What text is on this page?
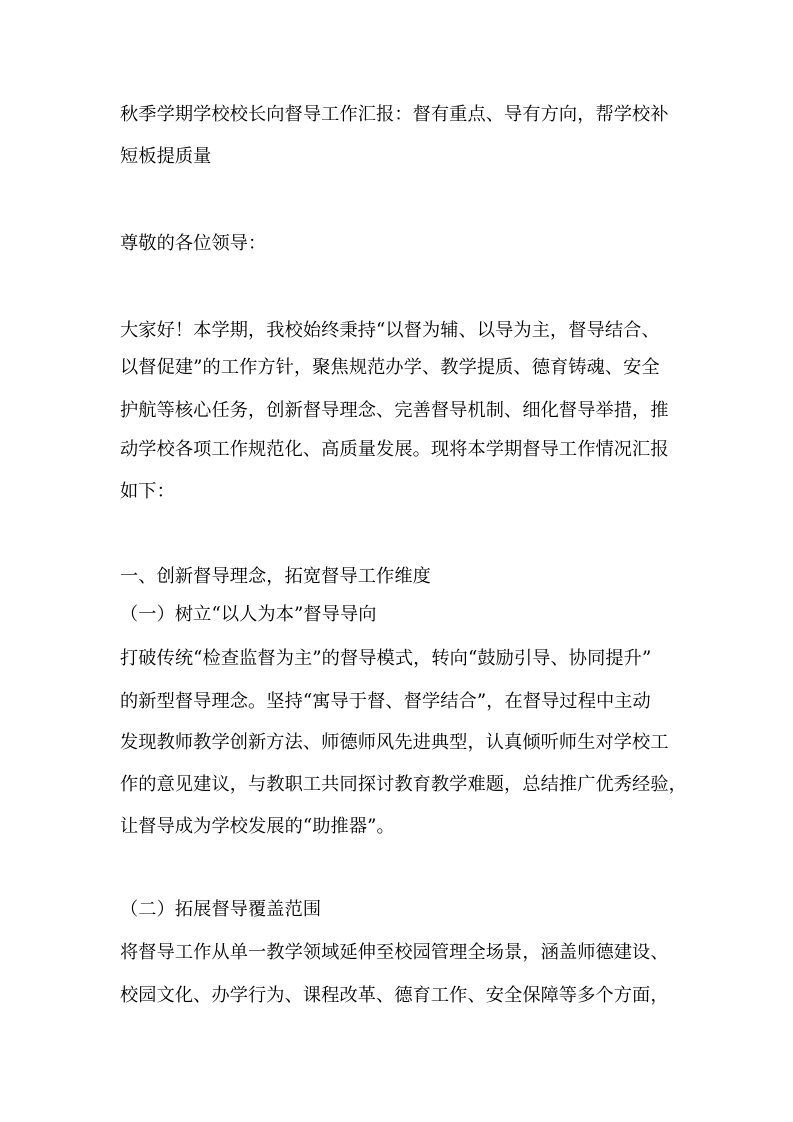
秋季学期学校校长向督导工作汇报：督有重点、导有方向，帮学校补

短板提质量

尊敬的各位领导：

大家好！本学期，我校始终秉持“以督为辅、以导为主，督导结合、

以督促建”的工作方针，聚焦规范办学、教学提质、德育铸魂、安全

护航等核心任务，创新督导理念、完善督导机制、细化督导举措，推

动学校各项工作规范化、高质量发展。现将本学期督导工作情况汇报

如下：

一、创新督导理念，拓宽督导工作维度

（一）树立“以人为本”督导导向

打破传统“检查监督为主”的督导模式，转向“鼓励引导、协同提升”

的新型督导理念。坚持“寓导于督、督学结合”，在督导过程中主动

发现教师教学创新方法、师德师风先进典型，认真倾听师生对学校工

作的意见建议，与教职工共同探讨教育教学难题，总结推广优秀经验，

让督导成为学校发展的“助推器”。

（二）拓展督导覆盖范围

将督导工作从单一教学领域延伸至校园管理全场景，涵盖师德建设、

校园文化、办学行为、课程改革、德育工作、安全保障等多个方面，
